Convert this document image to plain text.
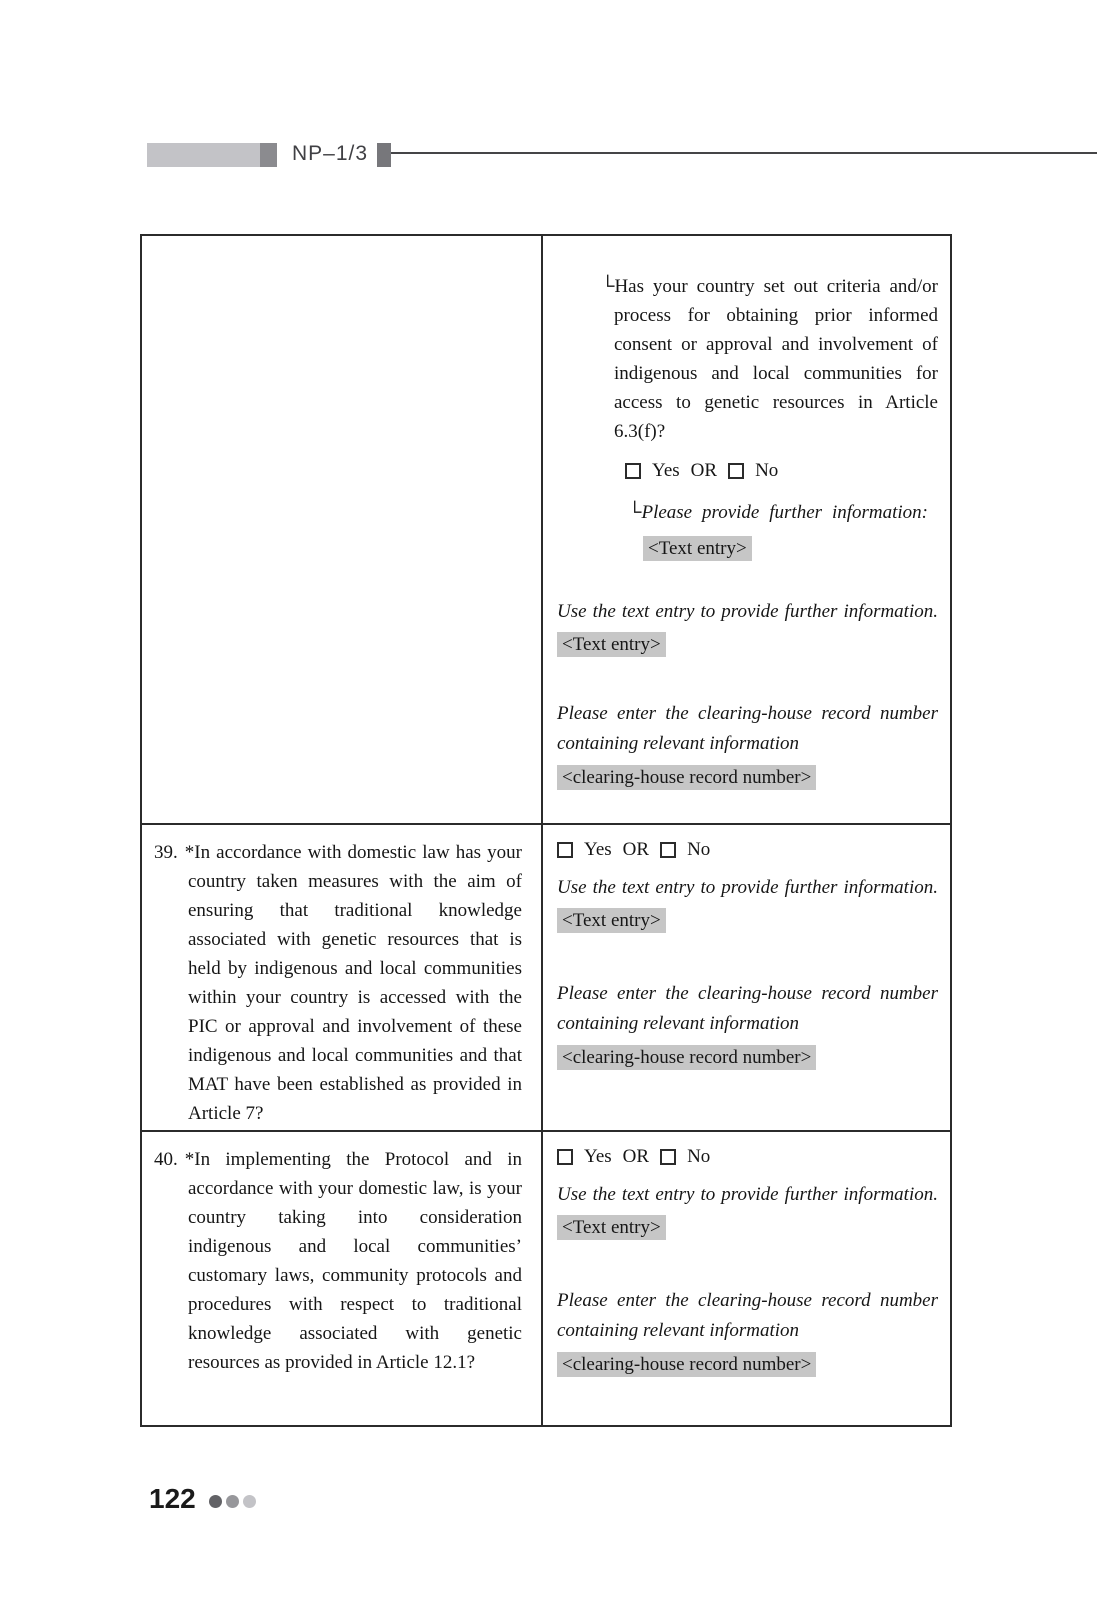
NP–1/3

└Has your country set out criteria and/or process for obtaining prior informed consent or approval and involvement of indigenous and local communities for access to genetic resources in Article 6.3(f)?

Yes OR No

└Please provide further information:

<Text entry>

Use the text entry to provide further information.

<Text entry>

Please enter the clearing-house record number

containing relevant information

<clearing-house record number>

39. *In accordance with domestic law has your country taken measures with the aim of ensuring that traditional knowledge associated with genetic resources that is held by indigenous and local communities within your country is accessed with the PIC or approval and involvement of these indigenous and local communities and that MAT have been established as provided in Article 7?

Yes OR No

Use the text entry to provide further information.

<Text entry>

Please enter the clearing-house record number

containing relevant information

<clearing-house record number>

40. *In implementing the Protocol and in accordance with your domestic law, is your country taking into consideration indigenous and local communities’ customary laws, community protocols and procedures with respect to traditional knowledge associated with genetic resources as provided in Article 12.1?

Yes OR No

Use the text entry to provide further information.

<Text entry>

Please enter the clearing-house record number

containing relevant information

<clearing-house record number>
122
